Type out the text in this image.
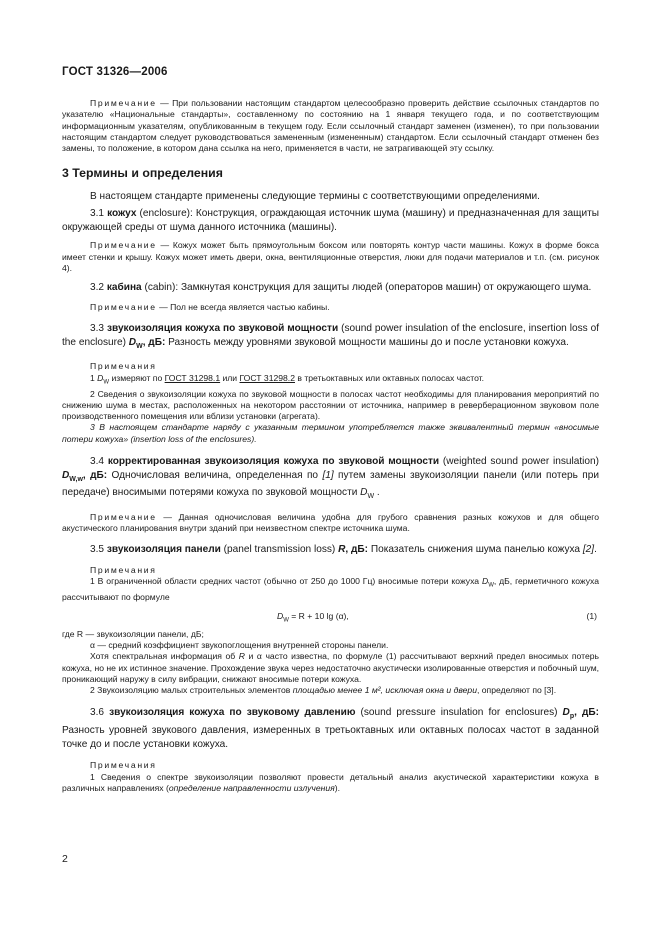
ГОСТ 31326—2006

Примечание — При пользовании настоящим стандартом целесообразно проверить действие ссылочных стандартов по указателю «Национальные стандарты», составленному по состоянию на 1 января текущего года, и по соответствующим информационным указателям, опубликованным в текущем году. Если ссылочный стандарт заменен (изменен), то при пользовании настоящим стандартом следует руководствоваться замененным (измененным) стандартом. Если ссылочный стандарт отменен без замены, то положение, в котором дана ссылка на него, применяется в части, не затрагивающей эту ссылку.

3 Термины и определения

В настоящем стандарте применены следующие термины с соответствующими определениями.

3.1 кожух (enclosure): Конструкция, ограждающая источник шума (машину) и предназначенная для защиты окружающей среды от шума данного источника (машины).

Примечание — Кожух может быть прямоугольным боксом или повторять контур части машины. Кожух в форме бокса имеет стенки и крышу. Кожух может иметь двери, окна, вентиляционные отверстия, люки для подачи материалов и т.п. (см. рисунок 4).

3.2 кабина (cabin): Замкнутая конструкция для защиты людей (операторов машин) от окружающего шума.

Примечание — Пол не всегда является частью кабины.

3.3 звукоизоляция кожуха по звуковой мощности (sound power insulation of the enclosure, insertion loss of the enclosure) $D_W$, дБ: Разность между уровнями звуковой мощности машины до и после установки кожуха.

Примечания

1 $D_W$ измеряют по ГОСТ 31298.1 или ГОСТ 31298.2 в третьоктавных или октавных полосах частот.

2 Сведения о звукоизоляции кожуха по звуковой мощности в полосах частот необходимы для планирования мероприятий по снижению шума в местах, расположенных на некотором расстоянии от источника, например в реверберационном звуковом поле производственного помещения или вблизи установки (агрегата).

3 В настоящем стандарте наряду с указанным термином употребляется также эквивалентный термин «вносимые потери кожуха» (insertion loss of the enclosures).

3.4 корректированная звукоизоляция кожуха по звуковой мощности (weighted sound power insulation) $D_{W,w}$, дБ: Одночисловая величина, определенная по [1] путем замены звукоизоляции панели (или потерь при передаче) вносимыми потерями кожуха по звуковой мощности $D_W$ .

Примечание — Данная одночисловая величина удобна для грубого сравнения разных кожухов и для общего акустического планирования внутри зданий при неизвестном спектре источника шума.

3.5 звукоизоляция панели (panel transmission loss) R, дБ: Показатель снижения шума панелью кожуха [2].

Примечания

1 В ограниченной области средних частот (обычно от 250 до 1000 Гц) вносимые потери кожуха $D_W$, дБ, герметичного кожуха рассчитывают по формуле

$D_W = R + 10$ lg (α),	(1)

где R — звукоизоляции панели, дБ;

α — средний коэффициент звукопоглощения внутренней стороны панели.

Хотя спектральная информация об R и α часто известна, по формуле (1) рассчитывают верхний предел вносимых потерь кожуха, но не их истинное значение. Прохождение звука через недостаточно акустически изолированные отверстия и побочный шум, проникающий наружу в силу вибрации, снижают вносимые потери кожуха.

2 Звукоизоляцию малых строительных элементов площадью менее 1 м², исключая окна и двери, определяют по [3].

3.6 звукоизоляция кожуха по звуковому давлению (sound pressure insulation for enclosures) $D_p$, дБ: Разность уровней звукового давления, измеренных в третьоктавных или октавных полосах частот в заданной точке до и после установки кожуха.

Примечания

1 Сведения о спектре звукоизоляции позволяют провести детальный анализ акустической характеристики кожуха в различных направлениях (определение направленности излучения).

2
